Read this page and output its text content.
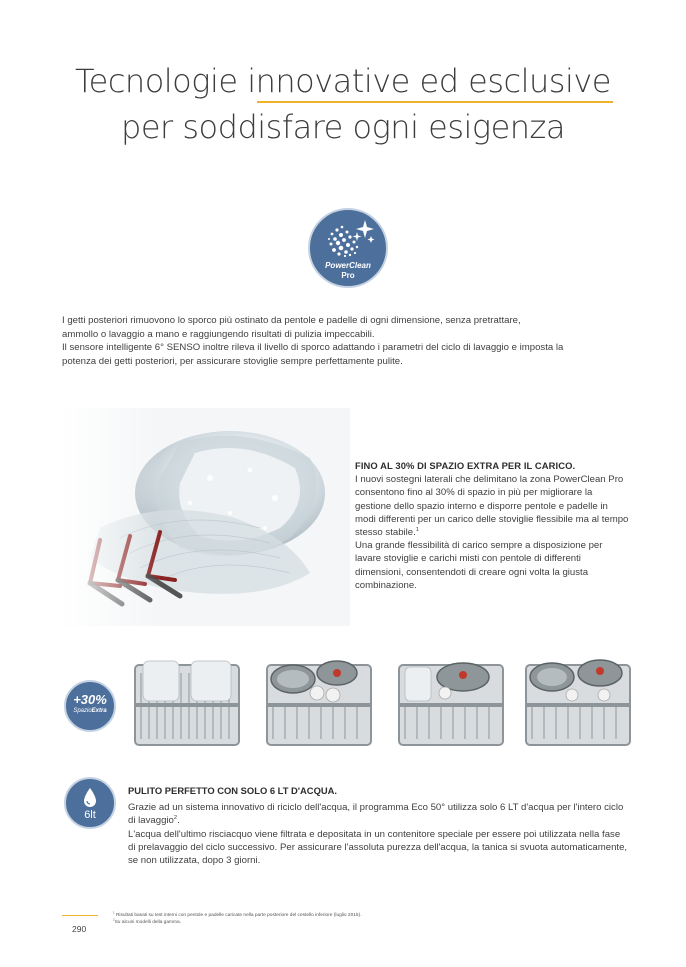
Tecnologie innovative ed esclusive
per soddisfare ogni esigenza
PowerClean
Pro
I getti posteriori rimuovono lo sporco più ostinato da pentole e padelle di ogni dimensione, senza pretrattare,
ammollo o lavaggio a mano e raggiungendo risultati di pulizia impeccabili.
Il sensore intelligente 6° SENSO inoltre rileva il livello di sporco adattando i parametri del ciclo di lavaggio e imposta la
potenza dei getti posteriori, per assicurare stoviglie sempre perfettamente pulite.
FINO AL 30% DI SPAZIO EXTRA PER IL CARICO.

I nuovi sostegni laterali che delimitano la zona PowerClean Pro consentono fino al 30% di spazio in più per migliorare la gestione dello spazio interno e disporre pentole e padelle in modi differenti per un carico delle stoviglie flessibile ma al tempo stesso stabile.$^1$

Una grande flessibilità di carico sempre a disposizione per lavare stoviglie e carichi misti con pentole di differenti dimensioni, consentendoti di creare ogni volta la giusta combinazione.

+30%
SpazioExtra
6lt
PULITO PERFETTO CON SOLO 6 LT D'ACQUA.

Grazie ad un sistema innovativo di riciclo dell'acqua, il programma Eco 50° utilizza solo 6 LT d'acqua per l'intero ciclo di lavaggio$^2$.

L'acqua dell'ultimo risciacquo viene filtrata e depositata in un contenitore speciale per essere poi utilizzata nella fase di prelavaggio del ciclo successivo. Per assicurare l'assoluta purezza dell'acqua, la tanica si svuota automaticamente, se non utilizzata, dopo 3 giorni.

290
$^1$ Risultati basati su test interni con pentole e padelle caricate nella parte posteriore del cestello inferiore (luglio 2015).
$^2$Su alcuni modelli della gamma.
